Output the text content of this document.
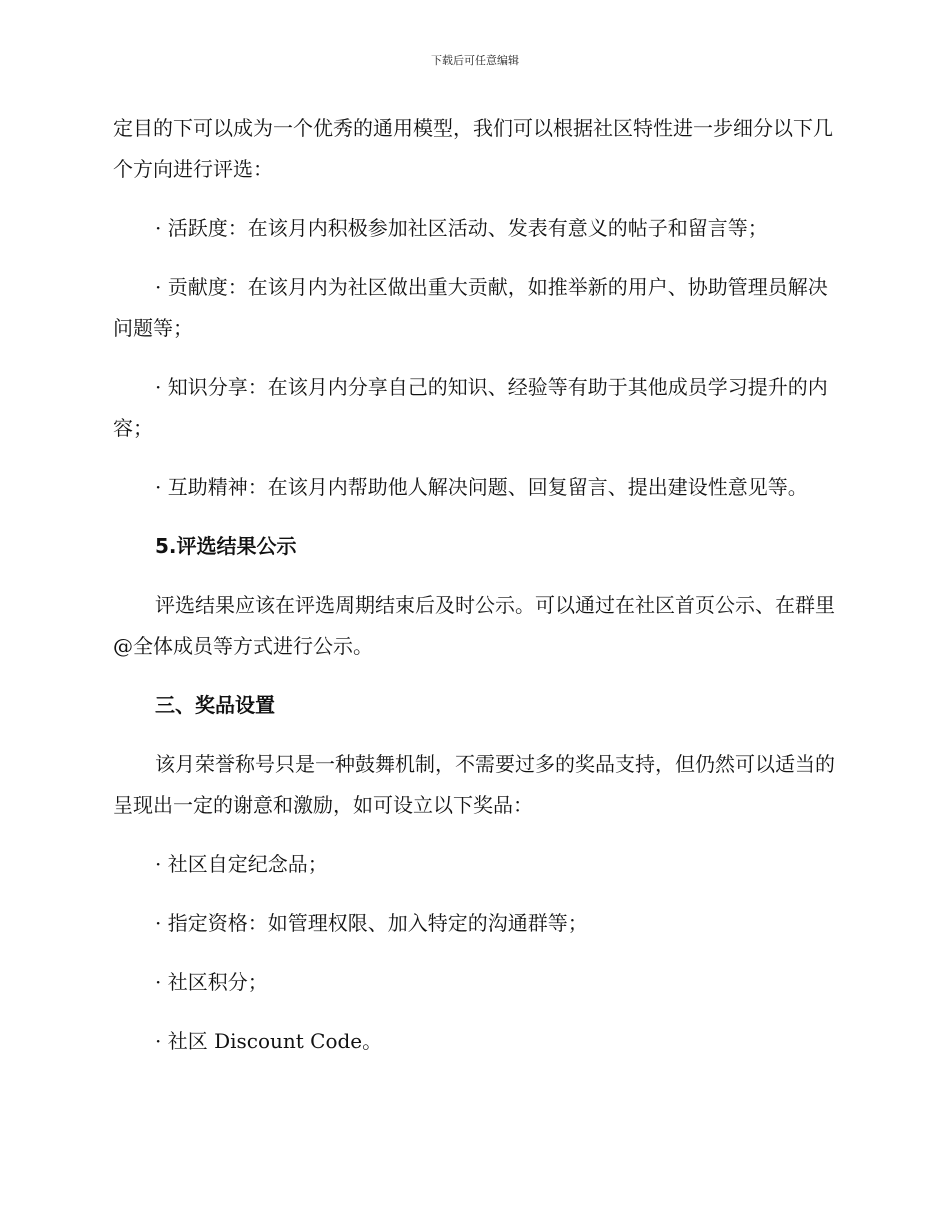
下载后可任意编辑

定目的下可以成为一个优秀的通用模型，我们可以根据社区特性进一步细分以下几个方向进行评选：

· 活跃度：在该月内积极参加社区活动、发表有意义的帖子和留言等；

· 贡献度：在该月内为社区做出重大贡献，如推举新的用户、协助管理员解决问题等；

· 知识分享：在该月内分享自己的知识、经验等有助于其他成员学习提升的内容；

· 互助精神：在该月内帮助他人解决问题、回复留言、提出建设性意见等。

5.评选结果公示

评选结果应该在评选周期结束后及时公示。可以通过在社区首页公示、在群里@全体成员等方式进行公示。

三、奖品设置

该月荣誉称号只是一种鼓舞机制，不需要过多的奖品支持，但仍然可以适当的呈现出一定的谢意和激励，如可设立以下奖品：

· 社区自定纪念品；

· 指定资格：如管理权限、加入特定的沟通群等；

· 社区积分；

· 社区 Discount Code。
